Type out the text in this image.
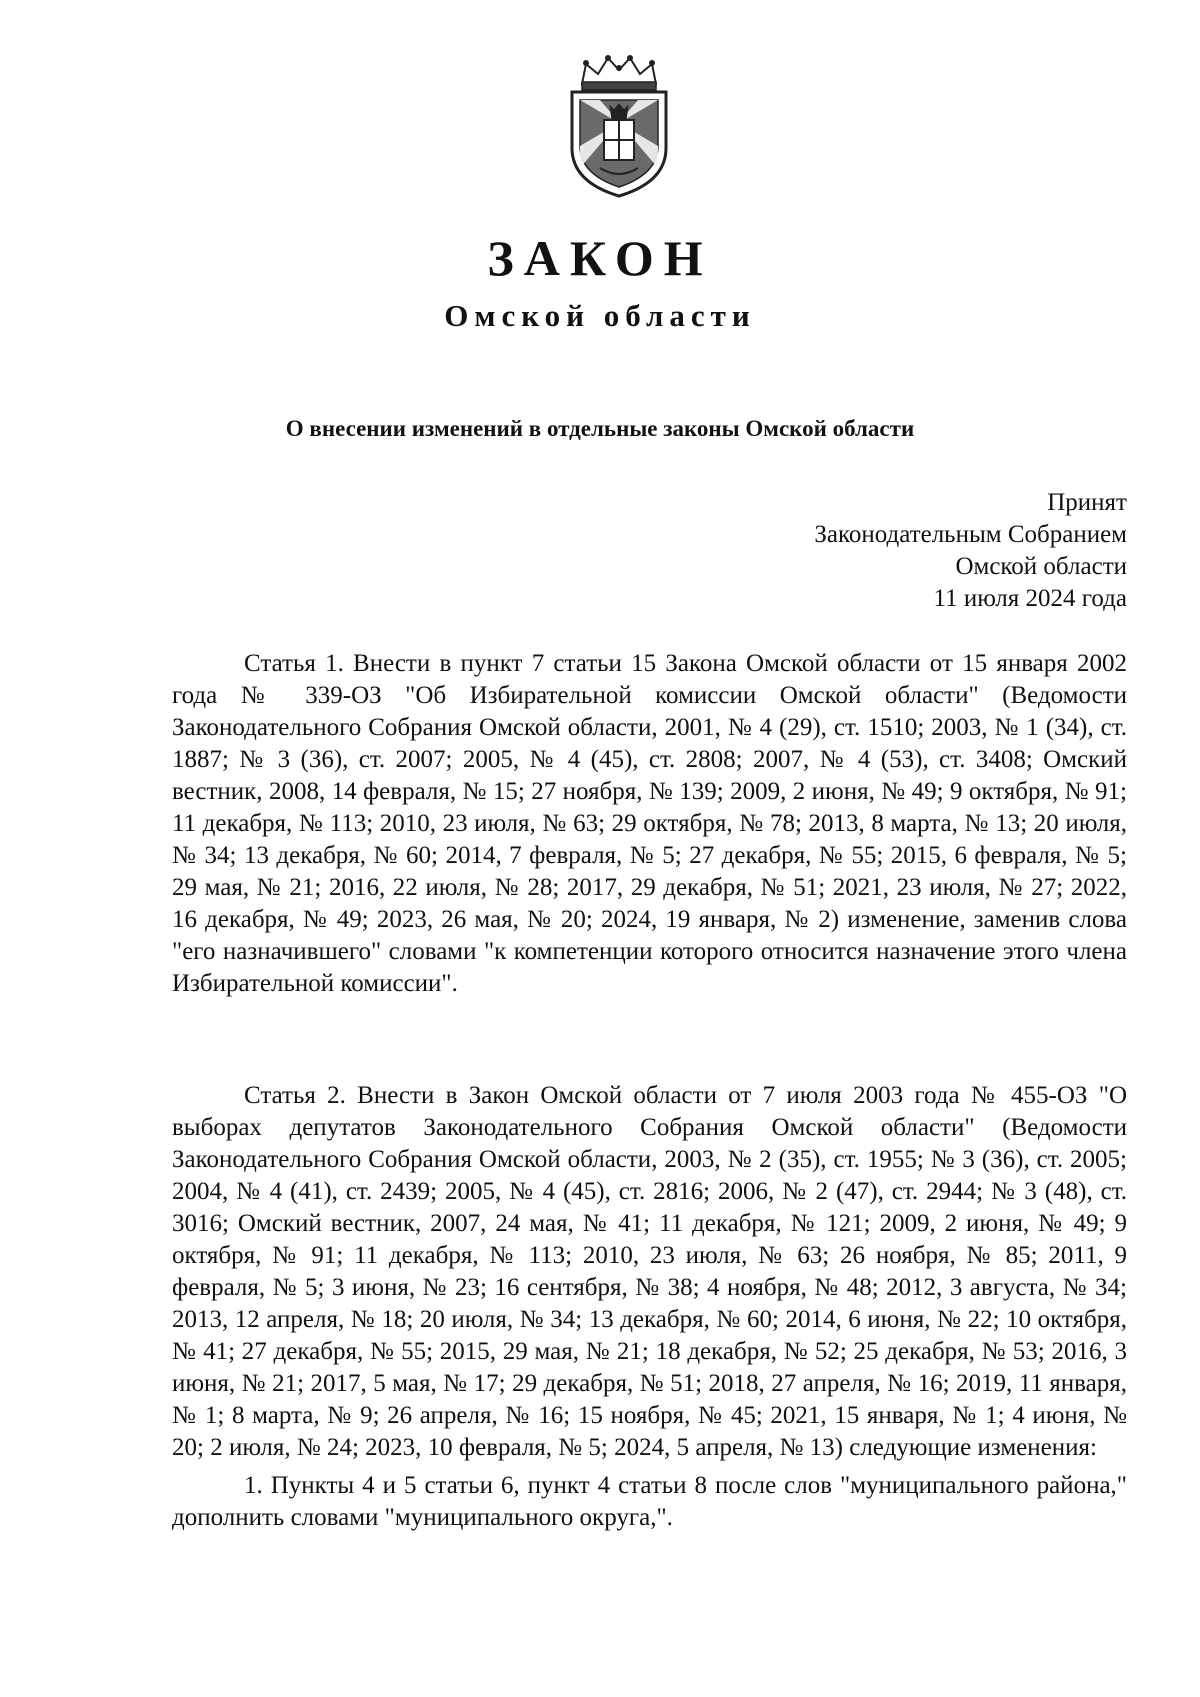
ЗАКОН
Омской области
О внесении изменений в отдельные законы Омской области
Принят
Законодательным Собранием
Омской области
11 июля 2024 года

Статья 1. Внести в пункт 7 статьи 15 Закона Омской области от 15 января 2002 года № 339-ОЗ "Об Избирательной комиссии Омской области" (Ведомости Законодательного Собрания Омской области, 2001, № 4 (29), ст. 1510; 2003, № 1 (34), ст. 1887; № 3 (36), ст. 2007; 2005, № 4 (45), ст. 2808; 2007, № 4 (53), ст. 3408; Омский вестник, 2008, 14 февраля, № 15; 27 ноября, № 139; 2009, 2 июня, № 49; 9 октября, № 91; 11 декабря, № 113; 2010, 23 июля, № 63; 29 октября, № 78; 2013, 8 марта, № 13; 20 июля, № 34; 13 декабря, № 60; 2014, 7 февраля, № 5; 27 декабря, № 55; 2015, 6 февраля, № 5; 29 мая, № 21; 2016, 22 июля, № 28; 2017, 29 декабря, № 51; 2021, 23 июля, № 27; 2022, 16 декабря, № 49; 2023, 26 мая, № 20; 2024, 19 января, № 2) изменение, заменив слова "его назначившего" словами "к компетенции которого относится назначение этого члена Избирательной комиссии".

Статья 2. Внести в Закон Омской области от 7 июля 2003 года № 455-ОЗ "О выборах депутатов Законодательного Собрания Омской области" (Ведомости Законодательного Собрания Омской области, 2003, № 2 (35), ст. 1955; № 3 (36), ст. 2005; 2004, № 4 (41), ст. 2439; 2005, № 4 (45), ст. 2816; 2006, № 2 (47), ст. 2944; № 3 (48), ст. 3016; Омский вестник, 2007, 24 мая, № 41; 11 декабря, № 121; 2009, 2 июня, № 49; 9 октября, № 91; 11 декабря, № 113; 2010, 23 июля, № 63; 26 ноября, № 85; 2011, 9 февраля, № 5; 3 июня, № 23; 16 сентября, № 38; 4 ноября, № 48; 2012, 3 августа, № 34; 2013, 12 апреля, № 18; 20 июля, № 34; 13 декабря, № 60; 2014, 6 июня, № 22; 10 октября, № 41; 27 декабря, № 55; 2015, 29 мая, № 21; 18 декабря, № 52; 25 декабря, № 53; 2016, 3 июня, № 21; 2017, 5 мая, № 17; 29 декабря, № 51; 2018, 27 апреля, № 16; 2019, 11 января, № 1; 8 марта, № 9; 26 апреля, № 16; 15 ноября, № 45; 2021, 15 января, № 1; 4 июня, № 20; 2 июля, № 24; 2023, 10 февраля, № 5; 2024, 5 апреля, № 13) следующие изменения:

1. Пункты 4 и 5 статьи 6, пункт 4 статьи 8 после слов "муниципального района," дополнить словами "муниципального округа,".
